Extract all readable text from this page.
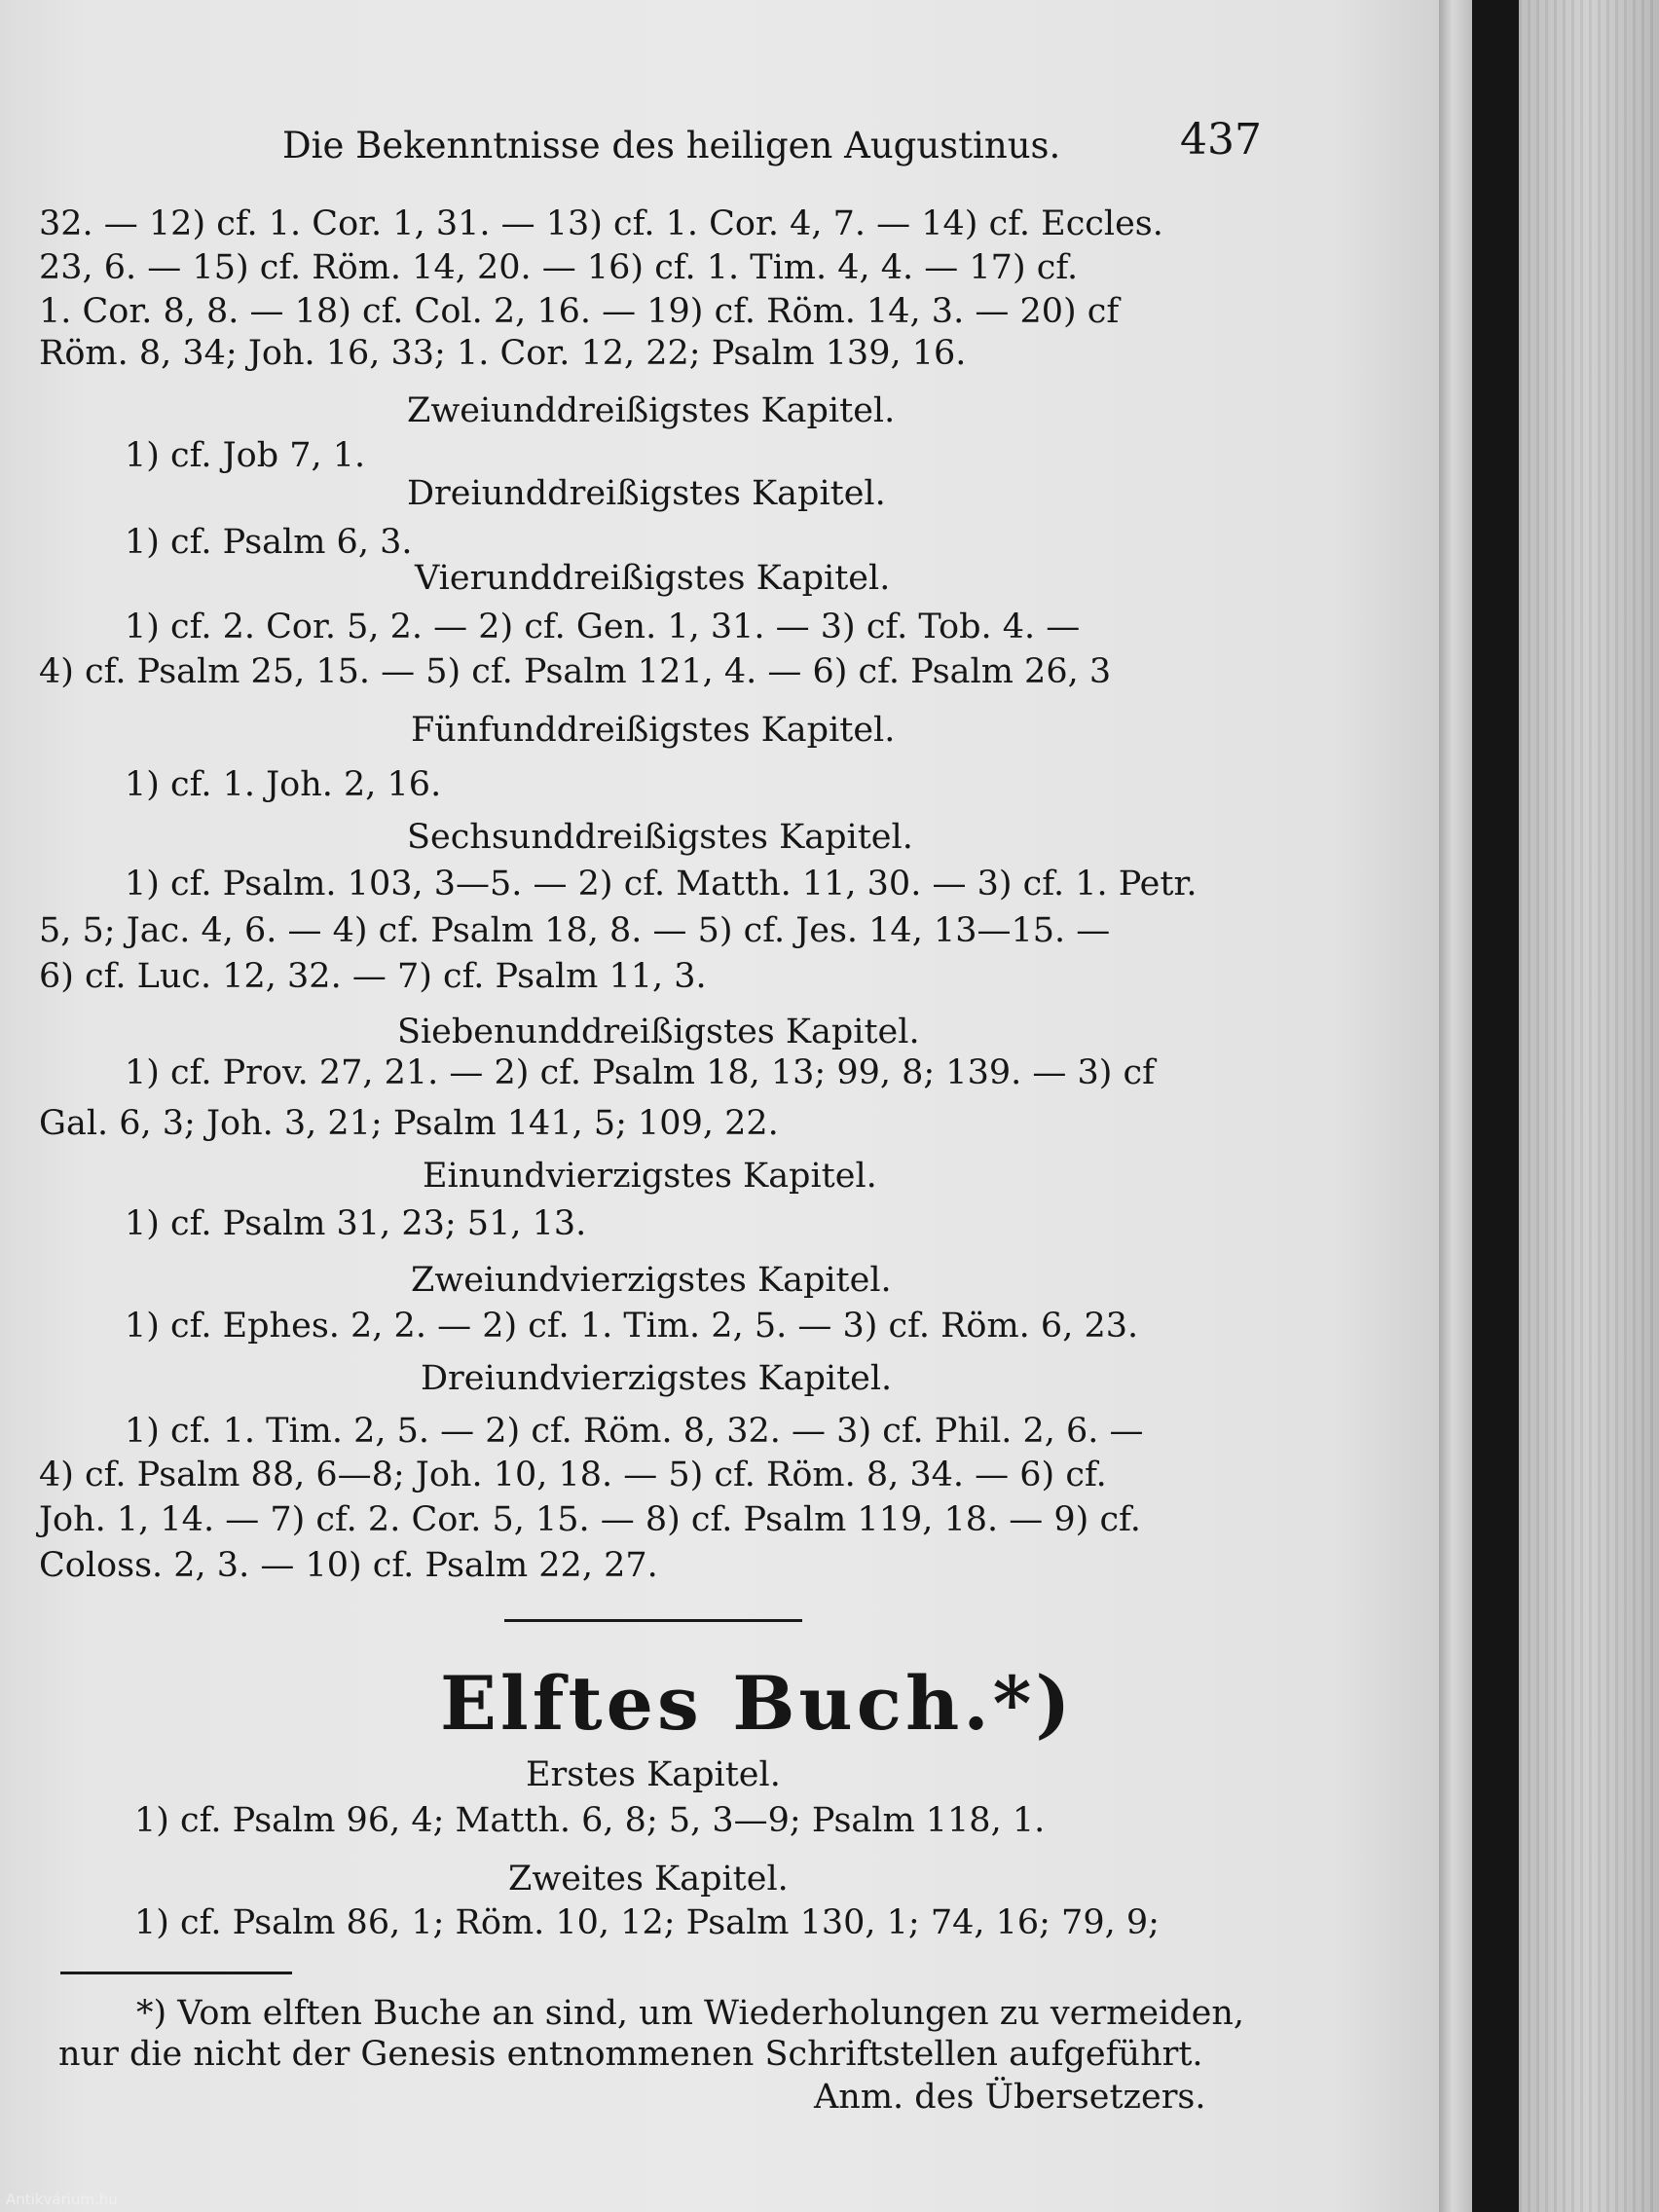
Die Bekenntnisse des heiligen Augustinus.	437
32. — 12) cf. 1. Cor. 1, 31. — 13) cf. 1. Cor. 4, 7. — 14) cf. Eccles.
23, 6. — 15) cf. Röm. 14, 20. — 16) cf. 1. Tim. 4, 4. — 17) cf.
1. Cor. 8, 8. — 18) cf. Col. 2, 16. — 19) cf. Röm. 14, 3. — 20) cf
Röm. 8, 34; Joh. 16, 33; 1. Cor. 12, 22; Psalm 139, 16.
Zweiunddreißigstes Kapitel.
1) cf. Job 7, 1.
Dreiunddreißigstes Kapitel.
1) cf. Psalm 6, 3.
Vierunddreißigstes Kapitel.
1) cf. 2. Cor. 5, 2. — 2) cf. Gen. 1, 31. — 3) cf. Tob. 4. —
4) cf. Psalm 25, 15. — 5) cf. Psalm 121, 4. — 6) cf. Psalm 26, 3
Fünfunddreißigstes Kapitel.
1) cf. 1. Joh. 2, 16.
Sechsunddreißigstes Kapitel.
1) cf. Psalm. 103, 3—5. — 2) cf. Matth. 11, 30. — 3) cf. 1. Petr.
5, 5; Jac. 4, 6. — 4) cf. Psalm 18, 8. — 5) cf. Jes. 14, 13—15. —
6) cf. Luc. 12, 32. — 7) cf. Psalm 11, 3.
Siebenunddreißigstes Kapitel.
1) cf. Prov. 27, 21. — 2) cf. Psalm 18, 13; 99, 8; 139. — 3) cf
Gal. 6, 3; Joh. 3, 21; Psalm 141, 5; 109, 22.
Einundvierzigstes Kapitel.
1) cf. Psalm 31, 23; 51, 13.
Zweiundvierzigstes Kapitel.
1) cf. Ephes. 2, 2. — 2) cf. 1. Tim. 2, 5. — 3) cf. Röm. 6, 23.
Dreiundvierzigstes Kapitel.
1) cf. 1. Tim. 2, 5. — 2) cf. Röm. 8, 32. — 3) cf. Phil. 2, 6. —
4) cf. Psalm 88, 6—8; Joh. 10, 18. — 5) cf. Röm. 8, 34. — 6) cf.
Joh. 1, 14. — 7) cf. 2. Cor. 5, 15. — 8) cf. Psalm 119, 18. — 9) cf.
Coloss. 2, 3. — 10) cf. Psalm 22, 27.
Elftes Buch.*)
Erstes Kapitel.
1) cf. Psalm 96, 4; Matth. 6, 8; 5, 3—9; Psalm 118, 1.
Zweites Kapitel.
1) cf. Psalm 86, 1; Röm. 10, 12; Psalm 130, 1; 74, 16; 79, 9;
*) Vom elften Buche an sind, um Wiederholungen zu vermeiden,
nur die nicht der Genesis entnommenen Schriftstellen aufgeführt.
Anm. des Übersetzers.
Antikvárium.hu
